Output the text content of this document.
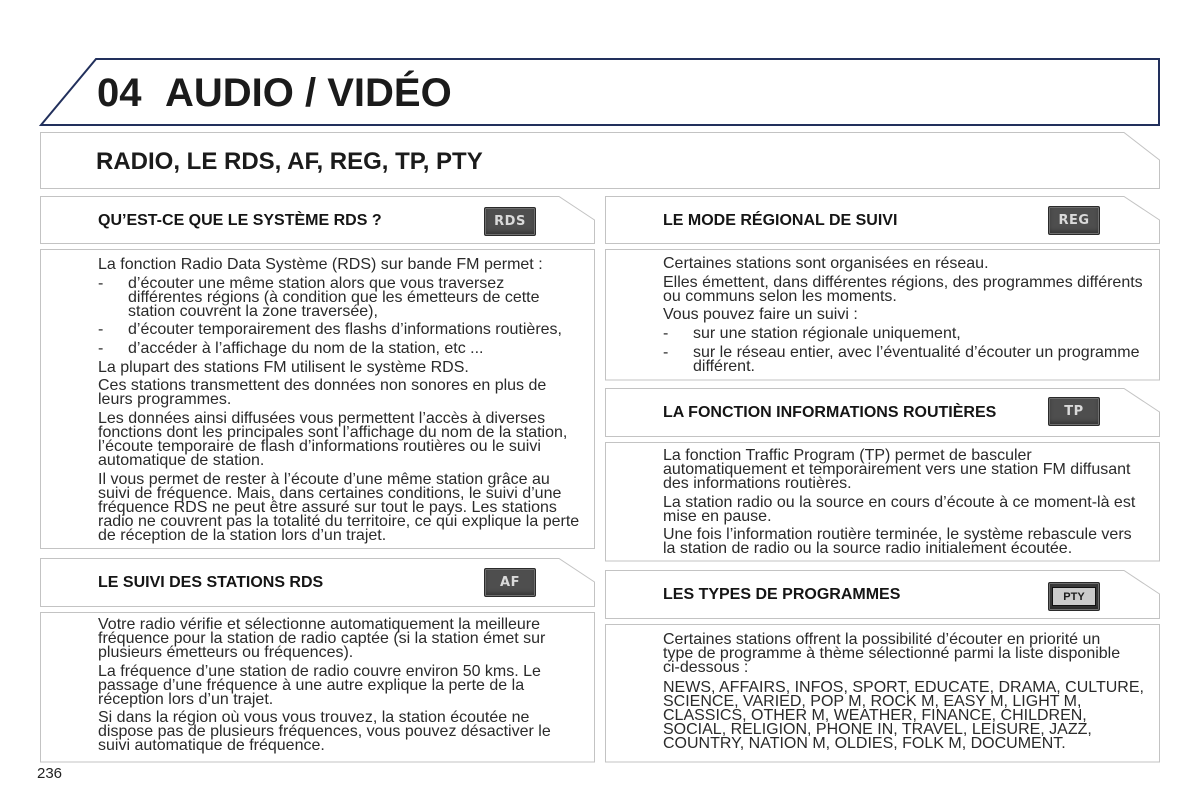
04 AUDIO / VIDÉO
RADIO, LE RDS, AF, REG, TP, PTY
QU’EST-CE QUE LE SYSTÈME RDS ?	RDS

La fonction Radio Data Système (RDS) sur bande FM permet :

- d’écouter une même station alors que vous traversez
différentes régions (à condition que les émetteurs de cette
station couvrent la zone traversée),
- d’écouter temporairement des flashs d’informations routières,
- d’accéder à l’affichage du nom de la station, etc ...

La plupart des stations FM utilisent le système RDS.

Ces stations transmettent des données non sonores en plus de
leurs programmes.

Les données ainsi diffusées vous permettent l’accès à diverses
fonctions dont les principales sont l’affichage du nom de la station,
l’écoute temporaire de flash d’informations routières ou le suivi
automatique de station.

Il vous permet de rester à l’écoute d’une même station grâce au
suivi de fréquence. Mais, dans certaines conditions, le suivi d’une
fréquence RDS ne peut être assuré sur tout le pays. Les stations
radio ne couvrent pas la totalité du territoire, ce qui explique la perte
de réception de la station lors d’un trajet.

LE SUIVI DES STATIONS RDS	AF

Votre radio vérifie et sélectionne automatiquement la meilleure
fréquence pour la station de radio captée (si la station émet sur
plusieurs émetteurs ou fréquences).

La fréquence d’une station de radio couvre environ 50 kms. Le
passage d’une fréquence à une autre explique la perte de la
réception lors d’un trajet.

Si dans la région où vous vous trouvez, la station écoutée ne
dispose pas de plusieurs fréquences, vous pouvez désactiver le
suivi automatique de fréquence.

LE MODE RÉGIONAL DE SUIVI	REG

Certaines stations sont organisées en réseau.

Elles émettent, dans différentes régions, des programmes différents
ou communs selon les moments.

Vous pouvez faire un suivi :

- sur une station régionale uniquement,
- sur le réseau entier, avec l’éventualité d’écouter un programme
différent.
LA FONCTION INFORMATIONS ROUTIÈRES	TP

La fonction Traffic Program (TP) permet de basculer
automatiquement et temporairement vers une station FM diffusant
des informations routières.

La station radio ou la source en cours d’écoute à ce moment-là est
mise en pause.

Une fois l’information routière terminée, le système rebascule vers
la station de radio ou la source radio initialement écoutée.

LES TYPES DE PROGRAMMES	PTY

Certaines stations offrent la possibilité d’écouter en priorité un
type de programme à thème sélectionné parmi la liste disponible
ci-dessous :

NEWS, AFFAIRS, INFOS, SPORT, EDUCATE, DRAMA, CULTURE,
SCIENCE, VARIED, POP M, ROCK M, EASY M, LIGHT M,
CLASSICS, OTHER M, WEATHER, FINANCE, CHILDREN,
SOCIAL, RELIGION, PHONE IN, TRAVEL, LEISURE, JAZZ,
COUNTRY, NATION M, OLDIES, FOLK M, DOCUMENT.

236
